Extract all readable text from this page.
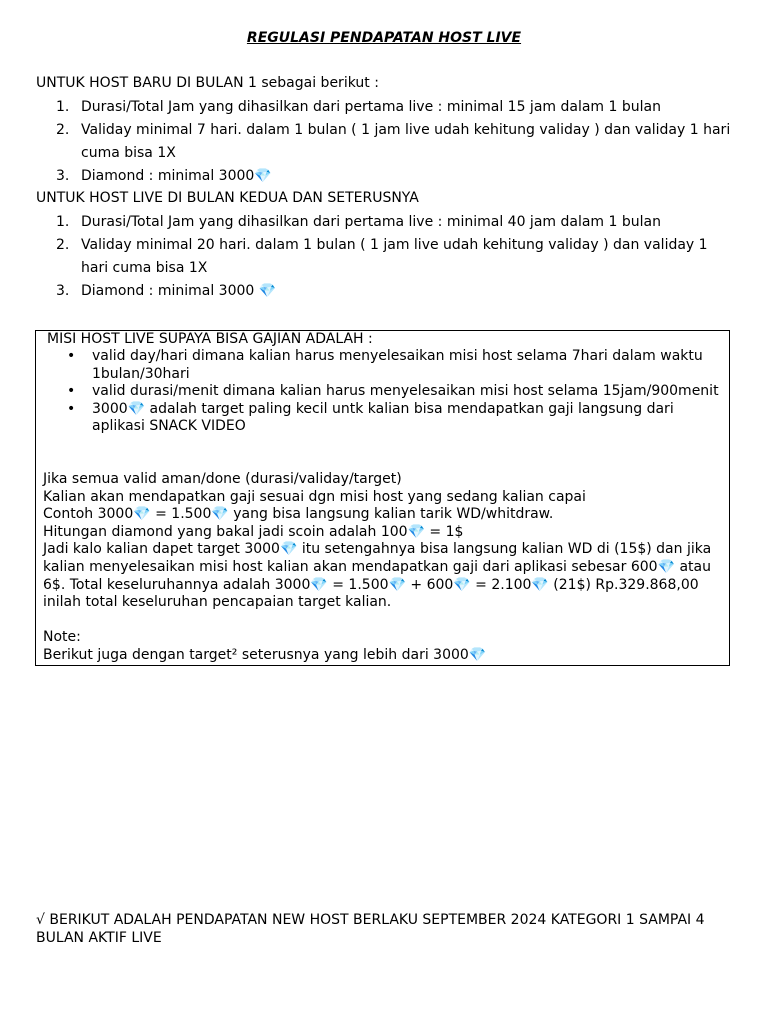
REGULASI PENDAPATAN HOST LIVE
UNTUK HOST BARU DI BULAN 1 sebagai berikut :
1. Durasi/Total Jam yang dihasilkan dari pertama live : minimal 15 jam dalam 1 bulan
2. Validay minimal 7 hari. dalam 1 bulan ( 1 jam live udah kehitung validay ) dan validay 1 hari cuma bisa 1X
3. Diamond : minimal 3000💎
UNTUK HOST LIVE DI BULAN KEDUA DAN SETERUSNYA
1. Durasi/Total Jam yang dihasilkan dari pertama live : minimal 40 jam dalam 1 bulan
2. Validay minimal 20 hari. dalam 1 bulan ( 1 jam live udah kehitung validay ) dan validay 1 hari cuma bisa 1X
3. Diamond : minimal 3000 💎
MISI HOST LIVE SUPAYA BISA GAJIAN ADALAH :
• valid day/hari dimana kalian harus menyelesaikan misi host selama 7hari dalam waktu 1bulan/30hari
• valid durasi/menit dimana kalian harus menyelesaikan misi host selama 15jam/900menit
• 3000💎 adalah target paling kecil untk kalian bisa mendapatkan gaji langsung dari aplikasi SNACK VIDEO
Jika semua valid aman/done (durasi/validay/target)
Kalian akan mendapatkan gaji sesuai dgn misi host yang sedang kalian capai
Contoh 3000💎 = 1.500💎 yang bisa langsung kalian tarik WD/whitdraw.
Hitungan diamond yang bakal jadi scoin adalah 100💎 = 1$
Jadi kalo kalian dapet target 3000💎 itu setengahnya bisa langsung kalian WD di (15$) dan jika kalian menyelesaikan misi host kalian akan mendapatkan gaji dari aplikasi sebesar 600💎 atau 6$. Total keseluruhannya adalah 3000💎 = 1.500💎 + 600💎 = 2.100💎 (21$) Rp.329.868,00 inilah total keseluruhan pencapaian target kalian.
Note:
Berikut juga dengan target² seterusnya yang lebih dari 3000💎
√ BERIKUT ADALAH PENDAPATAN NEW HOST BERLAKU SEPTEMBER 2024 KATEGORI 1 SAMPAI 4 BULAN AKTIF LIVE
